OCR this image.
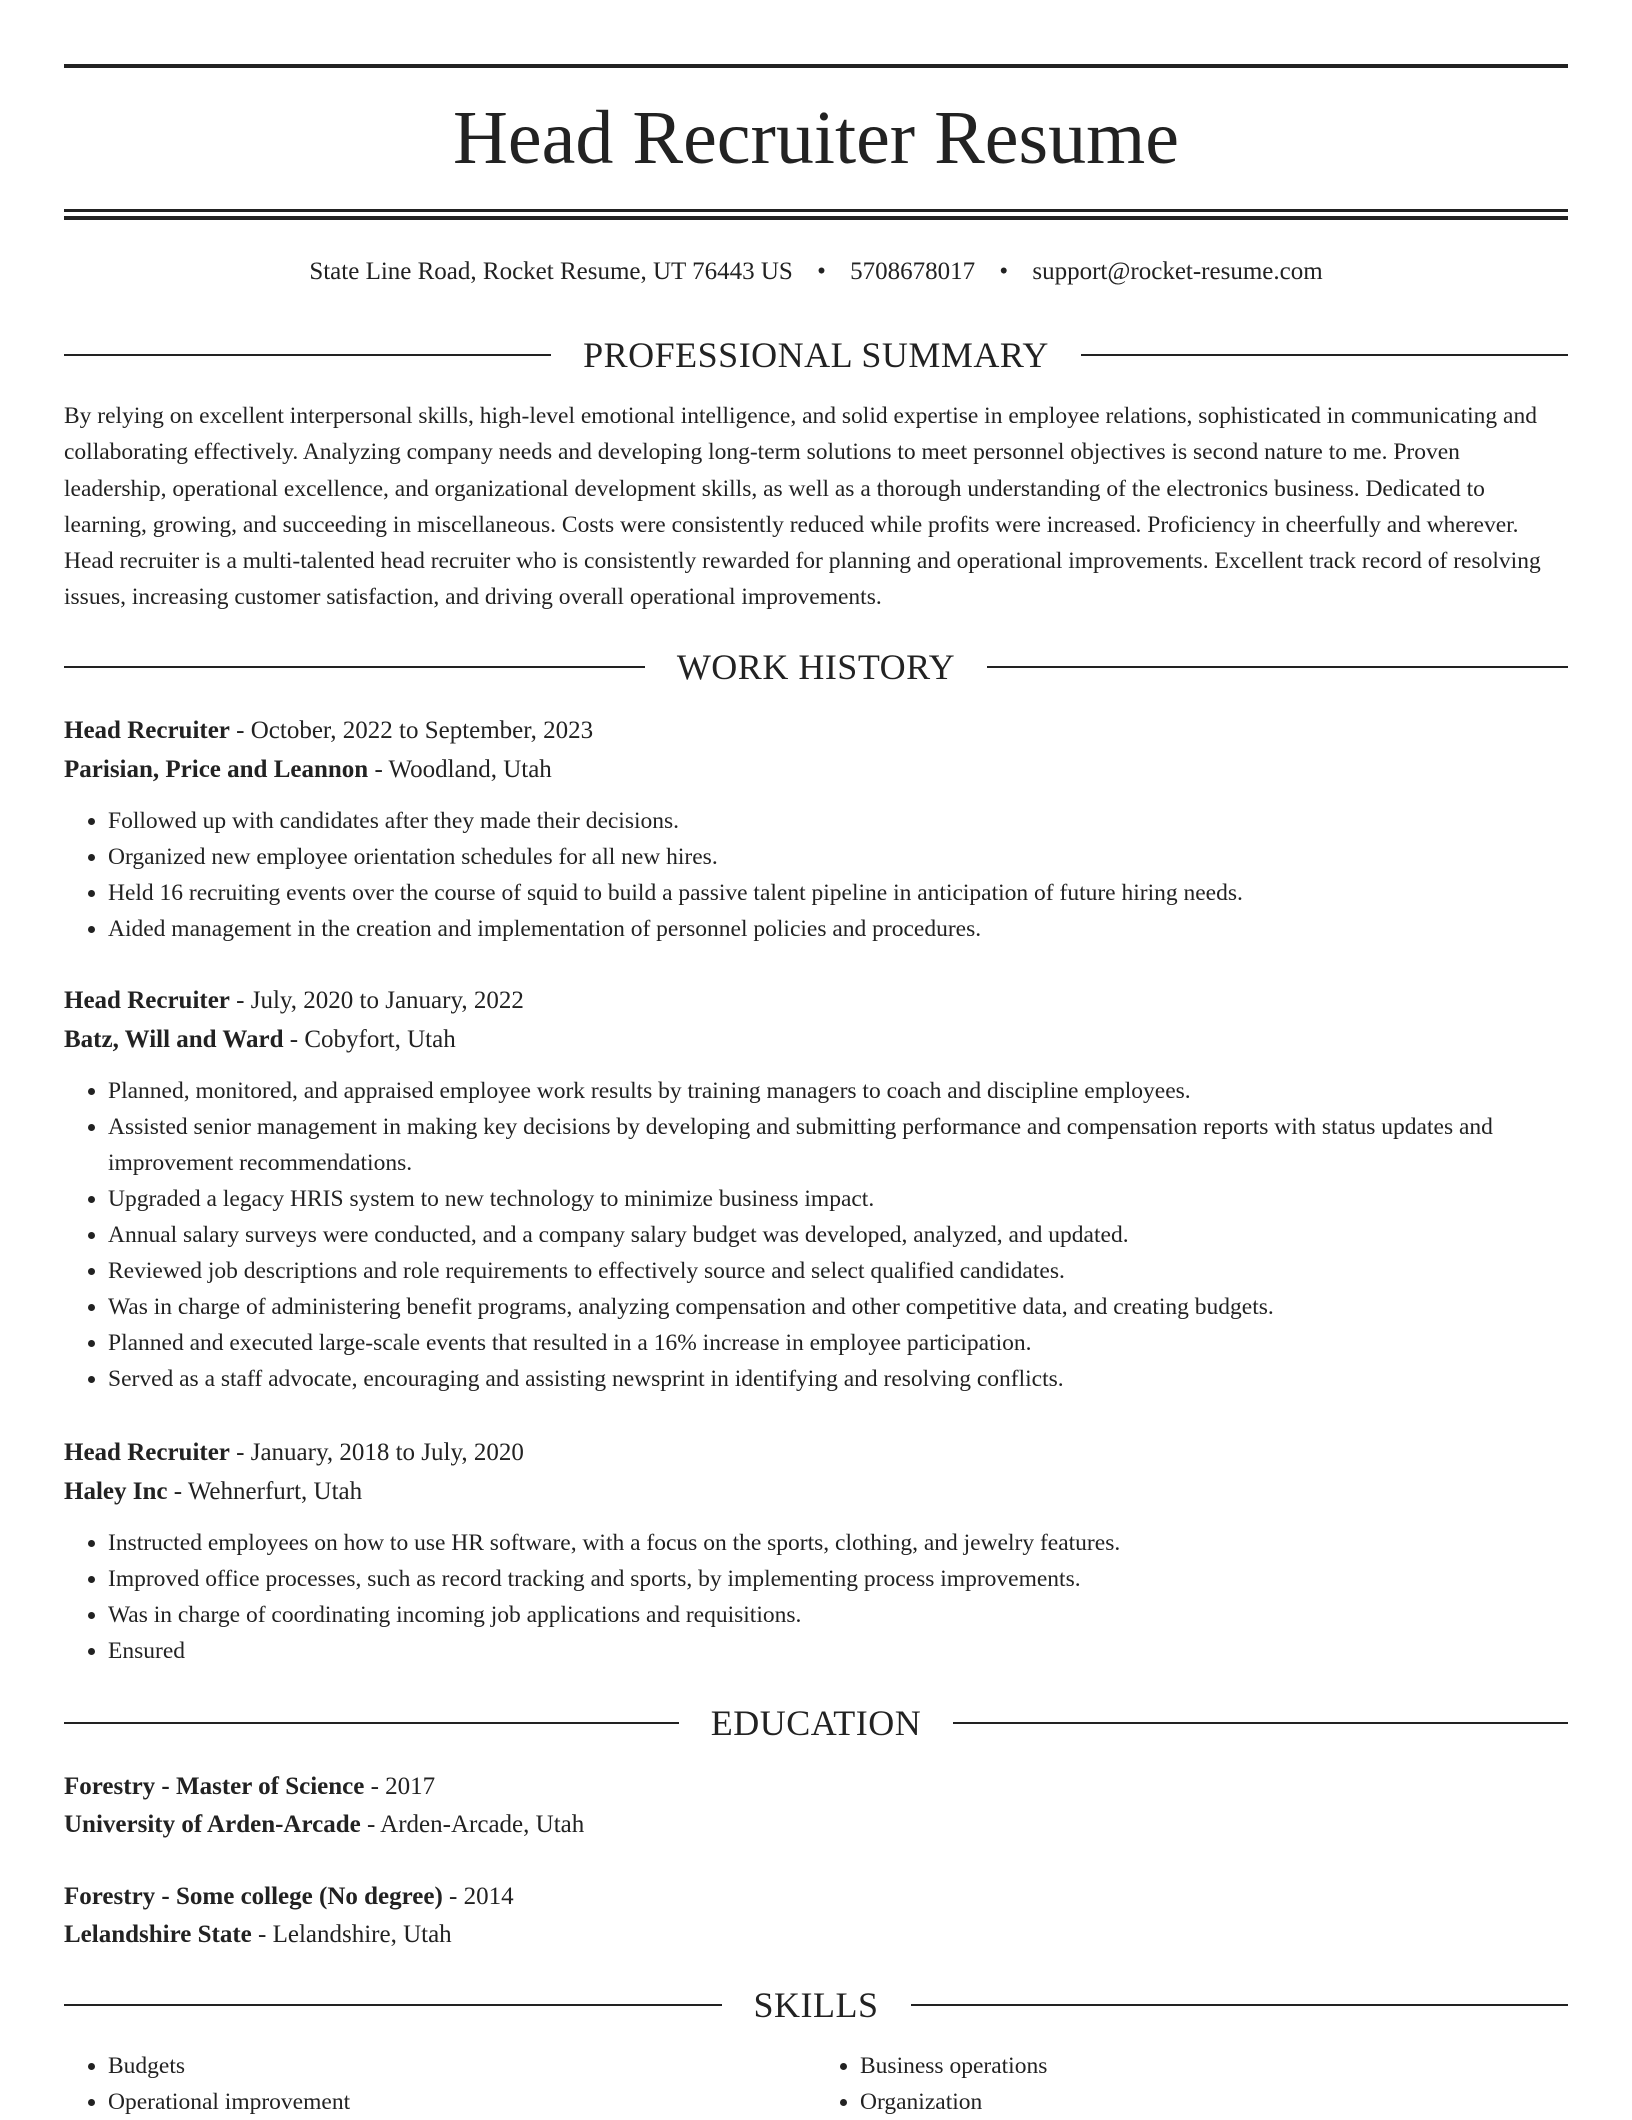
Head Recruiter Resume
State Line Road, Rocket Resume, UT 76443 US • 5708678017 • support@rocket-resume.com
PROFESSIONAL SUMMARY
By relying on excellent interpersonal skills, high-level emotional intelligence, and solid expertise in employee relations, sophisticated in communicating and collaborating effectively. Analyzing company needs and developing long-term solutions to meet personnel objectives is second nature to me. Proven leadership, operational excellence, and organizational development skills, as well as a thorough understanding of the electronics business. Dedicated to learning, growing, and succeeding in miscellaneous. Costs were consistently reduced while profits were increased. Proficiency in cheerfully and wherever. Head recruiter is a multi-talented head recruiter who is consistently rewarded for planning and operational improvements. Excellent track record of resolving issues, increasing customer satisfaction, and driving overall operational improvements.
WORK HISTORY
Head Recruiter - October, 2022 to September, 2023
Parisian, Price and Leannon - Woodland, Utah
• Followed up with candidates after they made their decisions.
• Organized new employee orientation schedules for all new hires.
• Held 16 recruiting events over the course of squid to build a passive talent pipeline in anticipation of future hiring needs.
• Aided management in the creation and implementation of personnel policies and procedures.
Head Recruiter - July, 2020 to January, 2022
Batz, Will and Ward - Cobyfort, Utah
• Planned, monitored, and appraised employee work results by training managers to coach and discipline employees.
• Assisted senior management in making key decisions by developing and submitting performance and compensation reports with status updates and improvement recommendations.
• Upgraded a legacy HRIS system to new technology to minimize business impact.
• Annual salary surveys were conducted, and a company salary budget was developed, analyzed, and updated.
• Reviewed job descriptions and role requirements to effectively source and select qualified candidates.
• Was in charge of administering benefit programs, analyzing compensation and other competitive data, and creating budgets.
• Planned and executed large-scale events that resulted in a 16% increase in employee participation.
• Served as a staff advocate, encouraging and assisting newsprint in identifying and resolving conflicts.
Head Recruiter - January, 2018 to July, 2020
Haley Inc - Wehnerfurt, Utah
• Instructed employees on how to use HR software, with a focus on the sports, clothing, and jewelry features.
• Improved office processes, such as record tracking and sports, by implementing process improvements.
• Was in charge of coordinating incoming job applications and requisitions.
• Ensured
EDUCATION
Forestry - Master of Science - 2017
University of Arden-Arcade - Arden-Arcade, Utah
Forestry - Some college (No degree) - 2014
Lelandshire State - Lelandshire, Utah
SKILLS
• Budgets
• Operational improvement
• Business operations
• Organization
